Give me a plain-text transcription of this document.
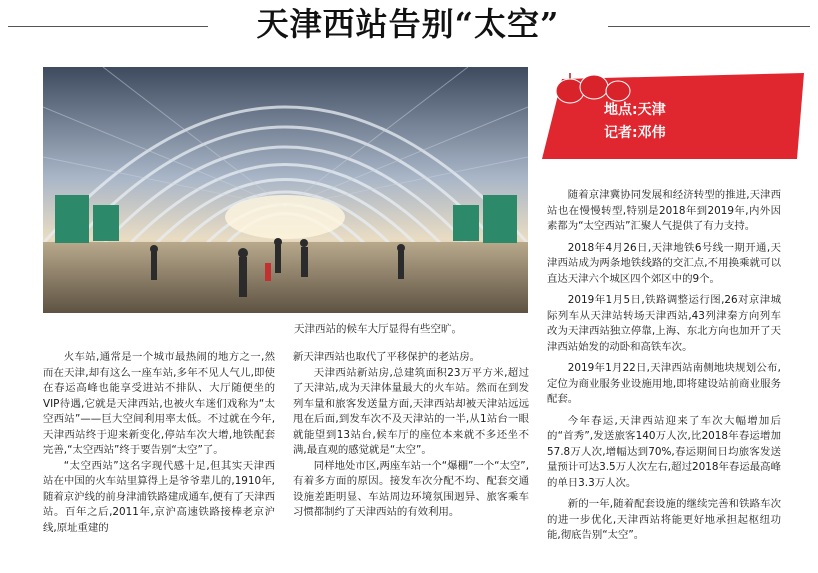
天津西站告别“太空”
天津西站的候车大厅显得有些空旷。
地点:天津
记者:邓伟

火车站,通常是一个城市最热闹的地方之一,然而在天津,却有这么一座车站,多年不见人气儿,即使在春运高峰也能享受进站不排队、大厅随便坐的VIP待遇,它就是天津西站,也被火车迷们戏称为“太空西站”——巨大空间利用率太低。不过就在今年,天津西站终于迎来新变化,停站车次大增,地铁配套完善,“太空西站”终于要告别“太空”了。

“太空西站”这名字现代感十足,但其实天津西站在中国的火车站里算得上是爷爷辈儿的,1910年,随着京沪线的前身津浦铁路建成通车,便有了天津西站。百年之后,2011年,京沪高速铁路接棒老京沪线,原址重建的

新天津西站也取代了平移保护的老站房。

天津西站新站房,总建筑面积23万平方米,超过了天津站,成为天津体量最大的火车站。然而在到发列车量和旅客发送量方面,天津西站却被天津站远远甩在后面,到发车次不及天津站的一半,从1站台一眼就能望到13站台,候车厅的座位本来就不多还坐不满,最直观的感觉就是“太空”。

同样地处市区,两座车站一个“爆棚”一个“太空”,有着多方面的原因。接发车次分配不均、配套交通设施差距明显、车站周边环境氛围迥异、旅客乘车习惯都制约了天津西站的有效利用。

随着京津冀协同发展和经济转型的推进,天津西站也在慢慢转型,特别是2018年到2019年,内外因素都为“太空西站”汇聚人气提供了有力支持。

2018年4月26日,天津地铁6号线一期开通,天津西站成为两条地铁线路的交汇点,不用换乘就可以直达天津六个城区四个郊区中的9个。

2019年1月5日,铁路调整运行图,26对京津城际列车从天津站转场天津西站,43列津秦方向列车改为天津西站独立停靠,上海、东北方向也加开了天津西站始发的动卧和高铁车次。

2019年1月22日,天津西站南侧地块规划公布,定位为商业服务业设施用地,即将建设站前商业服务配套。

今年春运,天津西站迎来了车次大幅增加后的“首秀”,发送旅客140万人次,比2018年春运增加57.8万人次,增幅达到70%,春运期间日均旅客发送量预计可达3.5万人次左右,超过2018年春运最高峰的单日3.3万人次。

新的一年,随着配套设施的继续完善和铁路车次的进一步优化,天津西站将能更好地承担起枢纽功能,彻底告别“太空”。
